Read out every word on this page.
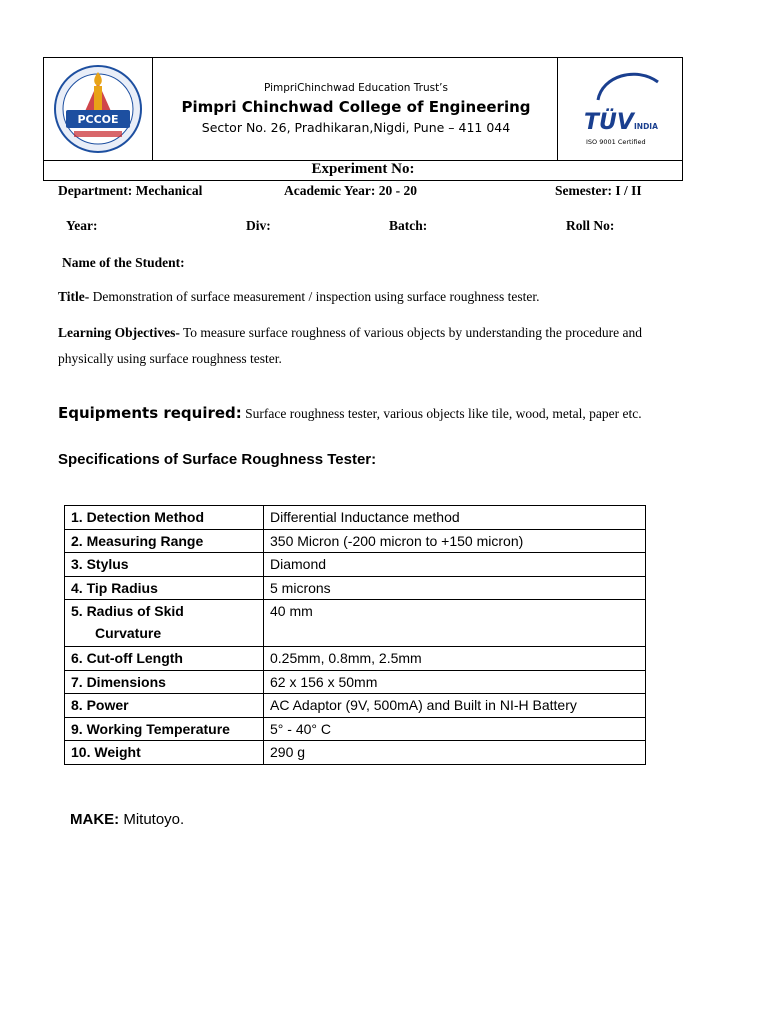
PCCOE
PimpriChinchwad Education Trust’s
Pimpri Chinchwad College of Engineering
Sector No. 26, Pradhikaran,Nigdi, Pune – 411 044	TÜV INDIA
ISO 9001 Certified
Experiment No:
Department: Mechanical	Academic Year: 20 - 20	Semester: I / II
Year:	Div:	Batch:	Roll No:
Name of the Student:
Title- Demonstration of surface measurement / inspection using surface roughness tester.
Learning Objectives- To measure surface roughness of various objects by understanding the procedure and
physically using surface roughness tester.
Equipments required: Surface roughness tester, various objects like tile, wood, metal, paper etc.
Specifications of Surface Roughness Tester:
1. Detection Method	Differential Inductance method
2. Measuring Range	350 Micron (-200 micron to +150 micron)
3. Stylus	Diamond
4. Tip Radius	5 microns

5. Radius of Skid
Curvature	40 mm
6. Cut-off Length	0.25mm, 0.8mm, 2.5mm
7. Dimensions	62 x 156 x 50mm
8. Power	AC Adaptor (9V, 500mA) and Built in NI-H Battery
9. Working Temperature	5° - 40° C
10. Weight	290 g
MAKE: Mitutoyo.
